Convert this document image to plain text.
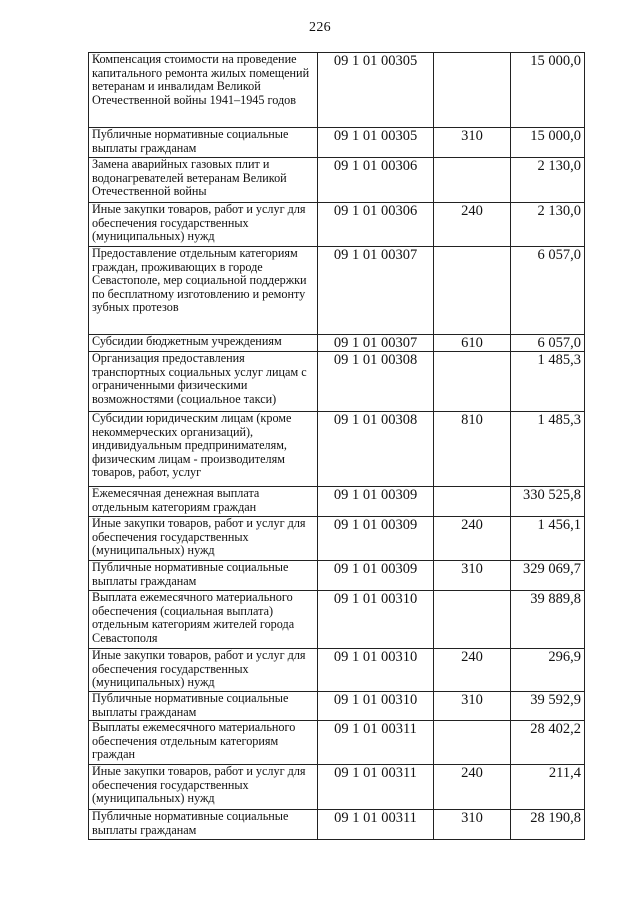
226
Компенсация стоимости на проведение капитального ремонта жилых помещений ветеранам и инвалидам Великой Отечественной войны 1941–1945 годов	09 1 01 00305		15 000,0
Публичные нормативные социальные выплаты гражданам	09 1 01 00305	310	15 000,0
Замена аварийных газовых плит и водонагревателей ветеранам Великой Отечественной войны	09 1 01 00306		2 130,0
Иные закупки товаров, работ и услуг для обеспечения государственных (муниципальных) нужд	09 1 01 00306	240	2 130,0
Предоставление отдельным категориям граждан, проживающих в городе Севастополе, мер социальной поддержки по бесплатному изготовлению и ремонту зубных протезов	09 1 01 00307		6 057,0
Субсидии бюджетным учреждениям	09 1 01 00307	610	6 057,0
Организация предоставления транспортных социальных услуг лицам с ограниченными физическими возможностями (социальное такси)	09 1 01 00308		1 485,3
Субсидии юридическим лицам (кроме некоммерческих организаций), индивидуальным предпринимателям, физическим лицам - производителям товаров, работ, услуг	09 1 01 00308	810	1 485,3
Ежемесячная денежная выплата отдельным категориям граждан	09 1 01 00309		330 525,8
Иные закупки товаров, работ и услуг для обеспечения государственных (муниципальных) нужд	09 1 01 00309	240	1 456,1
Публичные нормативные социальные выплаты гражданам	09 1 01 00309	310	329 069,7
Выплата ежемесячного материального обеспечения (социальная выплата) отдельным категориям жителей города Севастополя	09 1 01 00310		39 889,8
Иные закупки товаров, работ и услуг для обеспечения государственных (муниципальных) нужд	09 1 01 00310	240	296,9
Публичные нормативные социальные выплаты гражданам	09 1 01 00310	310	39 592,9
Выплаты ежемесячного материального обеспечения отдельным категориям граждан	09 1 01 00311		28 402,2
Иные закупки товаров, работ и услуг для обеспечения государственных (муниципальных) нужд	09 1 01 00311	240	211,4
Публичные нормативные социальные выплаты гражданам	09 1 01 00311	310	28 190,8
